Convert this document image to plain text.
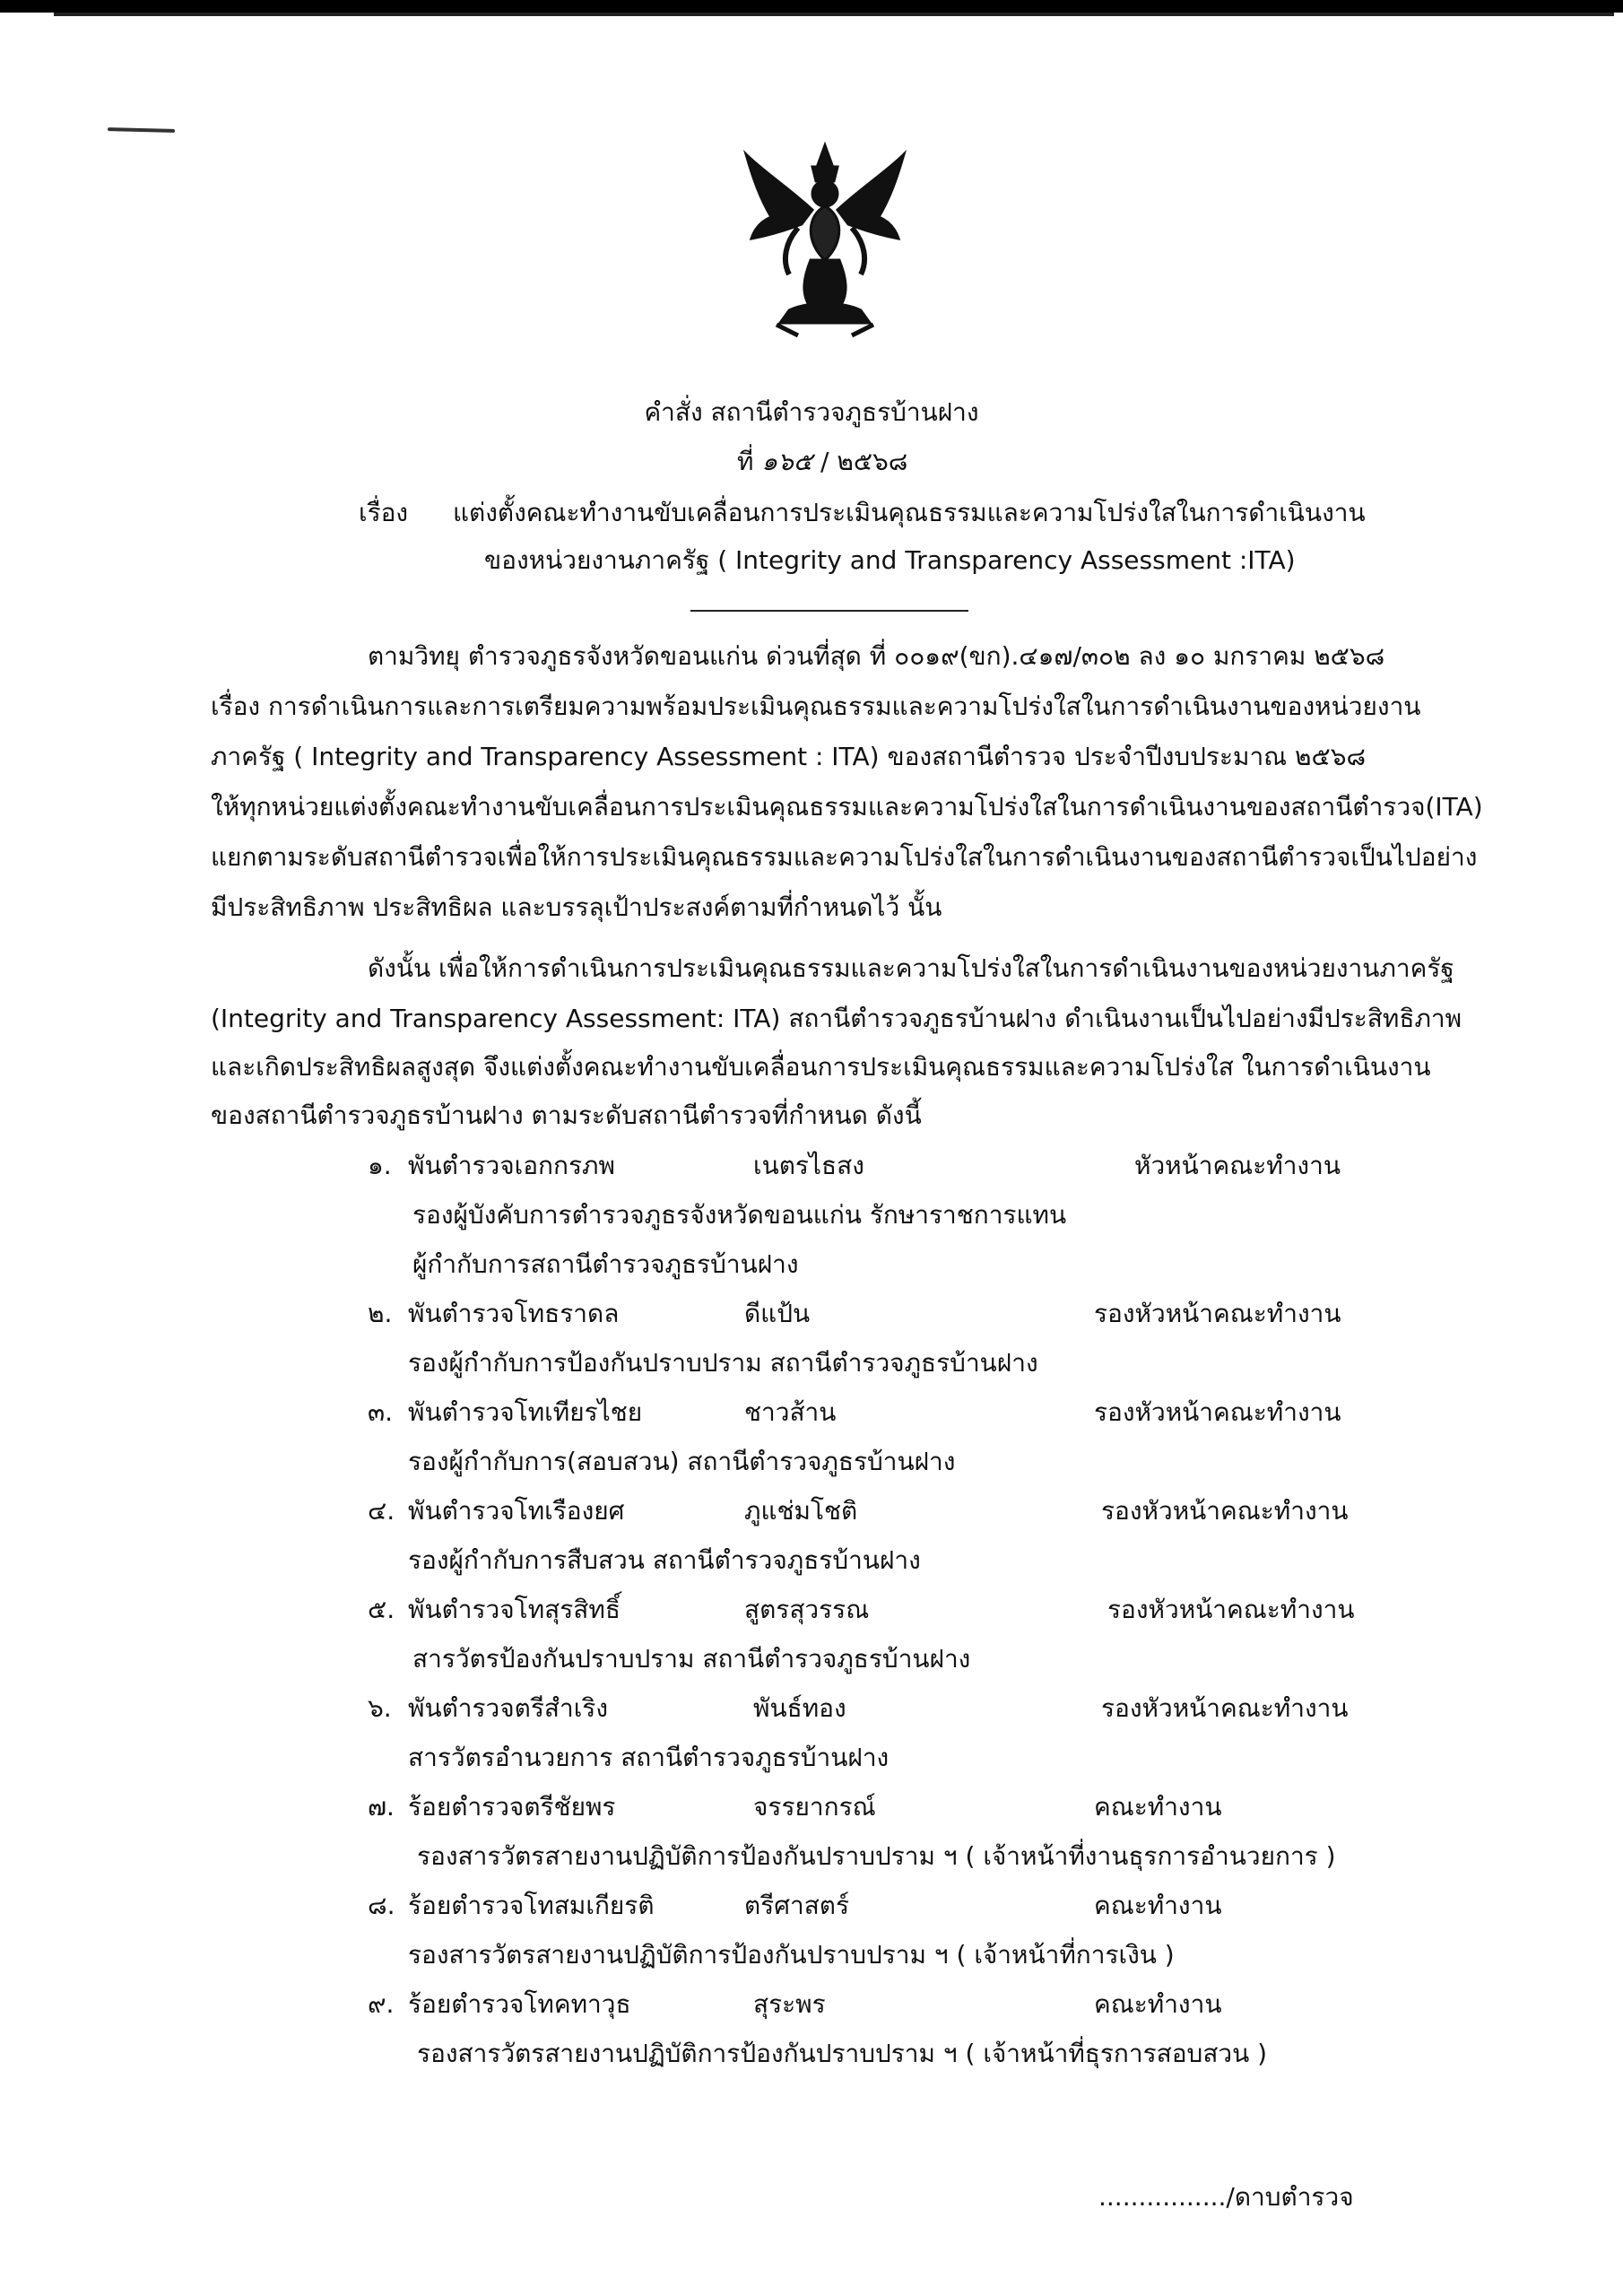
คำสั่ง สถานีตำรวจภูธรบ้านฝาง
ที่ ๑๖๕ / ๒๕๖๘
เรื่อง แต่งตั้งคณะทำงานขับเคลื่อนการประเมินคุณธรรมและความโปร่งใสในการดำเนินงาน
ของหน่วยงานภาครัฐ ( Integrity and Transparency Assessment :ITA)
ตามวิทยุ ตำรวจภูธรจังหวัดขอนแก่น ด่วนที่สุด ที่ ๐๐๑๙(ขก).๔๑๗/๓๐๒ ลง ๑๐ มกราคม ๒๕๖๘
เรื่อง การดำเนินการและการเตรียมความพร้อมประเมินคุณธรรมและความโปร่งใสในการดำเนินงานของหน่วยงาน
ภาครัฐ ( Integrity and Transparency Assessment : ITA) ของสถานีตำรวจ ประจำปีงบประมาณ ๒๕๖๘
ให้ทุกหน่วยแต่งตั้งคณะทำงานขับเคลื่อนการประเมินคุณธรรมและความโปร่งใสในการดำเนินงานของสถานีตำรวจ(ITA)
แยกตามระดับสถานีตำรวจเพื่อให้การประเมินคุณธรรมและความโปร่งใสในการดำเนินงานของสถานีตำรวจเป็นไปอย่าง
มีประสิทธิภาพ ประสิทธิผล และบรรลุเป้าประสงค์ตามที่กำหนดไว้ นั้น
ดังนั้น เพื่อให้การดำเนินการประเมินคุณธรรมและความโปร่งใสในการดำเนินงานของหน่วยงานภาครัฐ
(Integrity and Transparency Assessment: ITA) สถานีตำรวจภูธรบ้านฝาง ดำเนินงานเป็นไปอย่างมีประสิทธิภาพ
และเกิดประสิทธิผลสูงสุด จึงแต่งตั้งคณะทำงานขับเคลื่อนการประเมินคุณธรรมและความโปร่งใส ในการดำเนินงาน
ของสถานีตำรวจภูธรบ้านฝาง ตามระดับสถานีตำรวจที่กำหนด ดังนี้
๑. พันตำรวจเอกกรภพ	เนตรไธสง	หัวหน้าคณะทำงาน
รองผู้บังคับการตำรวจภูธรจังหวัดขอนแก่น รักษาราชการแทน
ผู้กำกับการสถานีตำรวจภูธรบ้านฝาง
๒. พันตำรวจโทธราดล	ดีแป้น	รองหัวหน้าคณะทำงาน
รองผู้กำกับการป้องกันปราบปราม สถานีตำรวจภูธรบ้านฝาง
๓. พันตำรวจโทเทียรไชย	ชาวส้าน	รองหัวหน้าคณะทำงาน
รองผู้กำกับการ(สอบสวน) สถานีตำรวจภูธรบ้านฝาง
๔. พันตำรวจโทเรืองยศ	ภูแช่มโชติ	รองหัวหน้าคณะทำงาน
รองผู้กำกับการสืบสวน สถานีตำรวจภูธรบ้านฝาง
๕. พันตำรวจโทสุรสิทธิ์	สูตรสุวรรณ	รองหัวหน้าคณะทำงาน
สารวัตรป้องกันปราบปราม สถานีตำรวจภูธรบ้านฝาง
๖. พันตำรวจตรีสำเริง	พันธ์ทอง	รองหัวหน้าคณะทำงาน
สารวัตรอำนวยการ สถานีตำรวจภูธรบ้านฝาง
๗. ร้อยตำรวจตรีชัยพร	จรรยากรณ์	คณะทำงาน
รองสารวัตรสายงานปฏิบัติการป้องกันปราบปราม ฯ ( เจ้าหน้าที่งานธุรการอำนวยการ )
๘. ร้อยตำรวจโทสมเกียรติ	ตรีศาสตร์	คณะทำงาน
รองสารวัตรสายงานปฏิบัติการป้องกันปราบปราม ฯ ( เจ้าหน้าที่การเงิน )
๙. ร้อยตำรวจโทคทาวุธ	สุระพร	คณะทำงาน
รองสารวัตรสายงานปฏิบัติการป้องกันปราบปราม ฯ ( เจ้าหน้าที่ธุรการสอบสวน )
................/ดาบตำรวจ
